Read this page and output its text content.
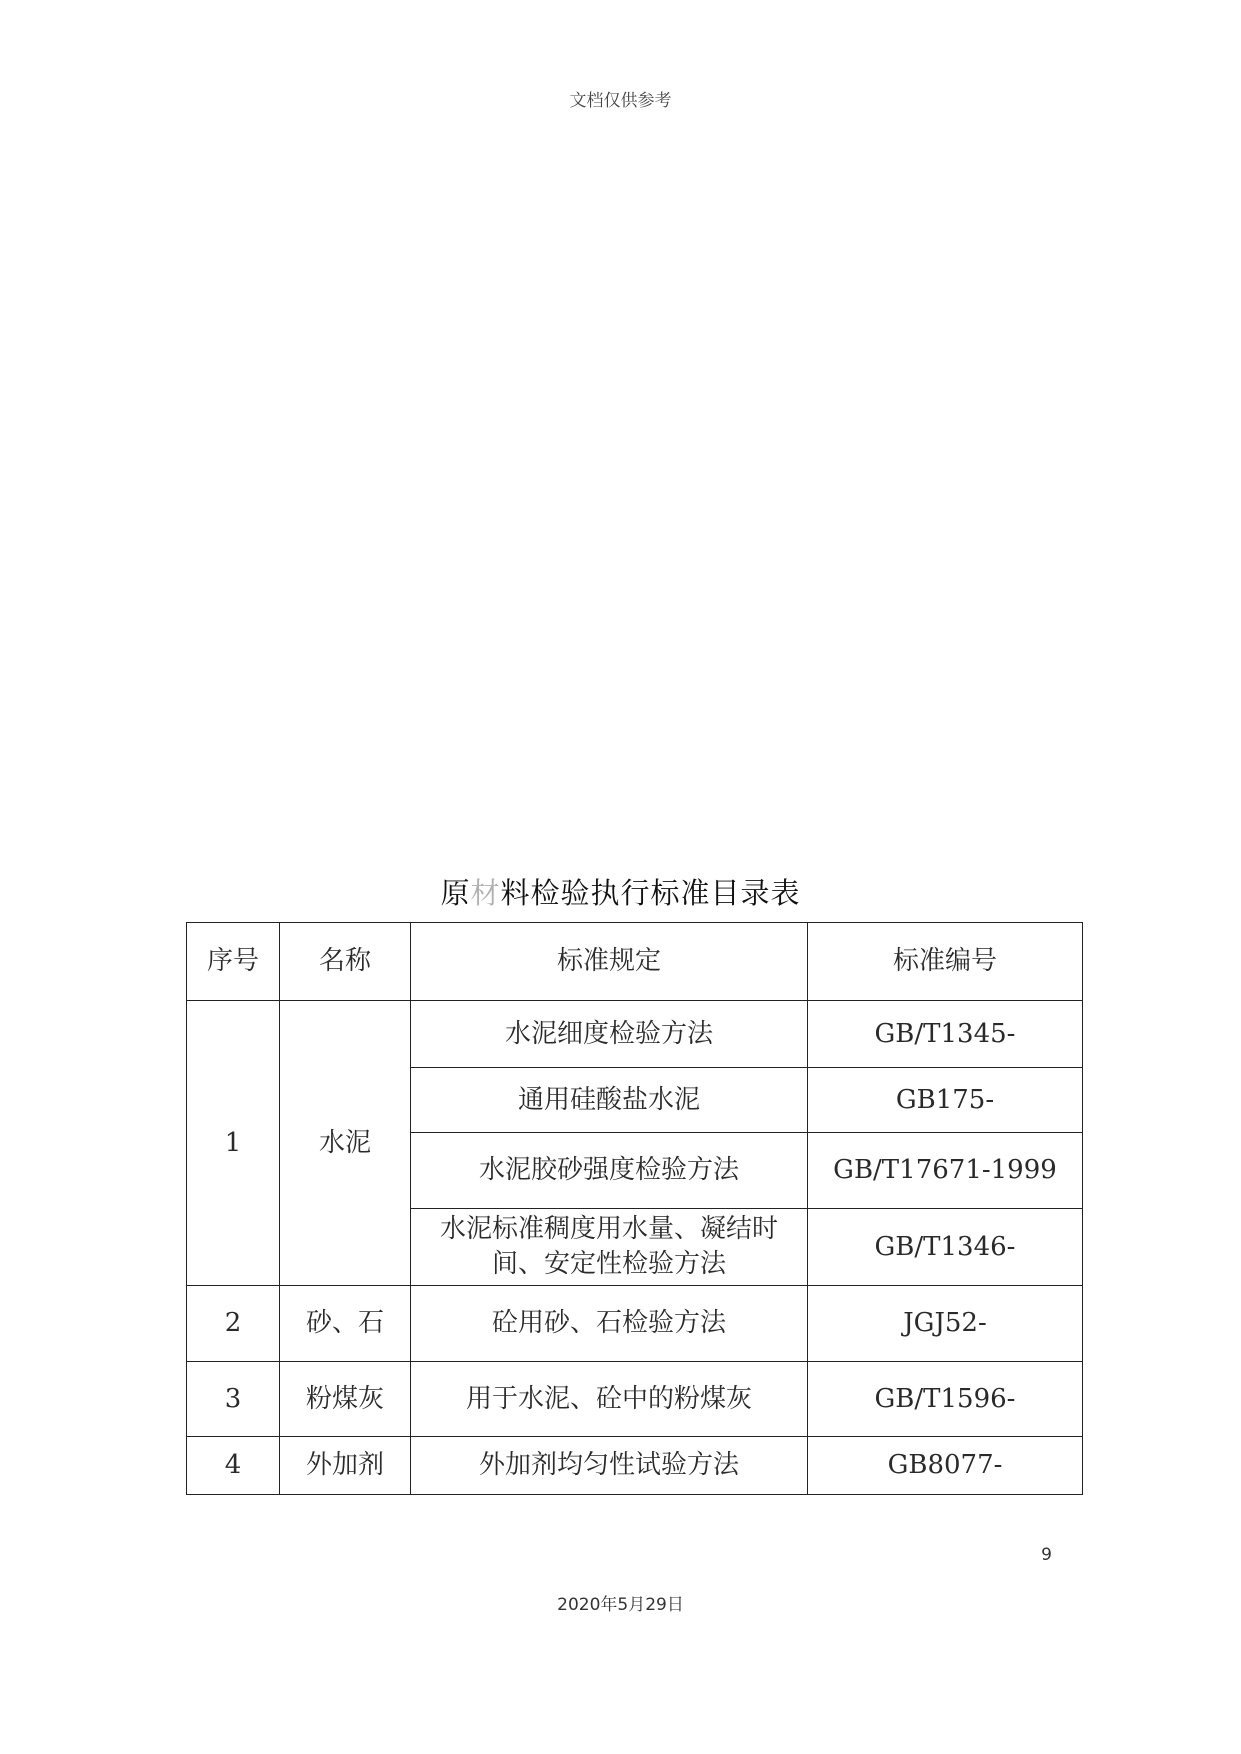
文档仅供参考
原材料检验执行标准目录表
序号	名称	标准规定	标准编号
1	水泥	水泥细度检验方法	GB/T1345-
		通用硅酸盐水泥	GB175-
		水泥胶砂强度检验方法	GB/T17671-1999
		水泥标准稠度用水量、凝结时间、安定性检验方法	GB/T1346-
2	砂、石	砼用砂、石检验方法	JGJ52-
3	粉煤灰	用于水泥、砼中的粉煤灰	GB/T1596-
4	外加剂	外加剂均匀性试验方法	GB8077-
9
2020年5月29日
